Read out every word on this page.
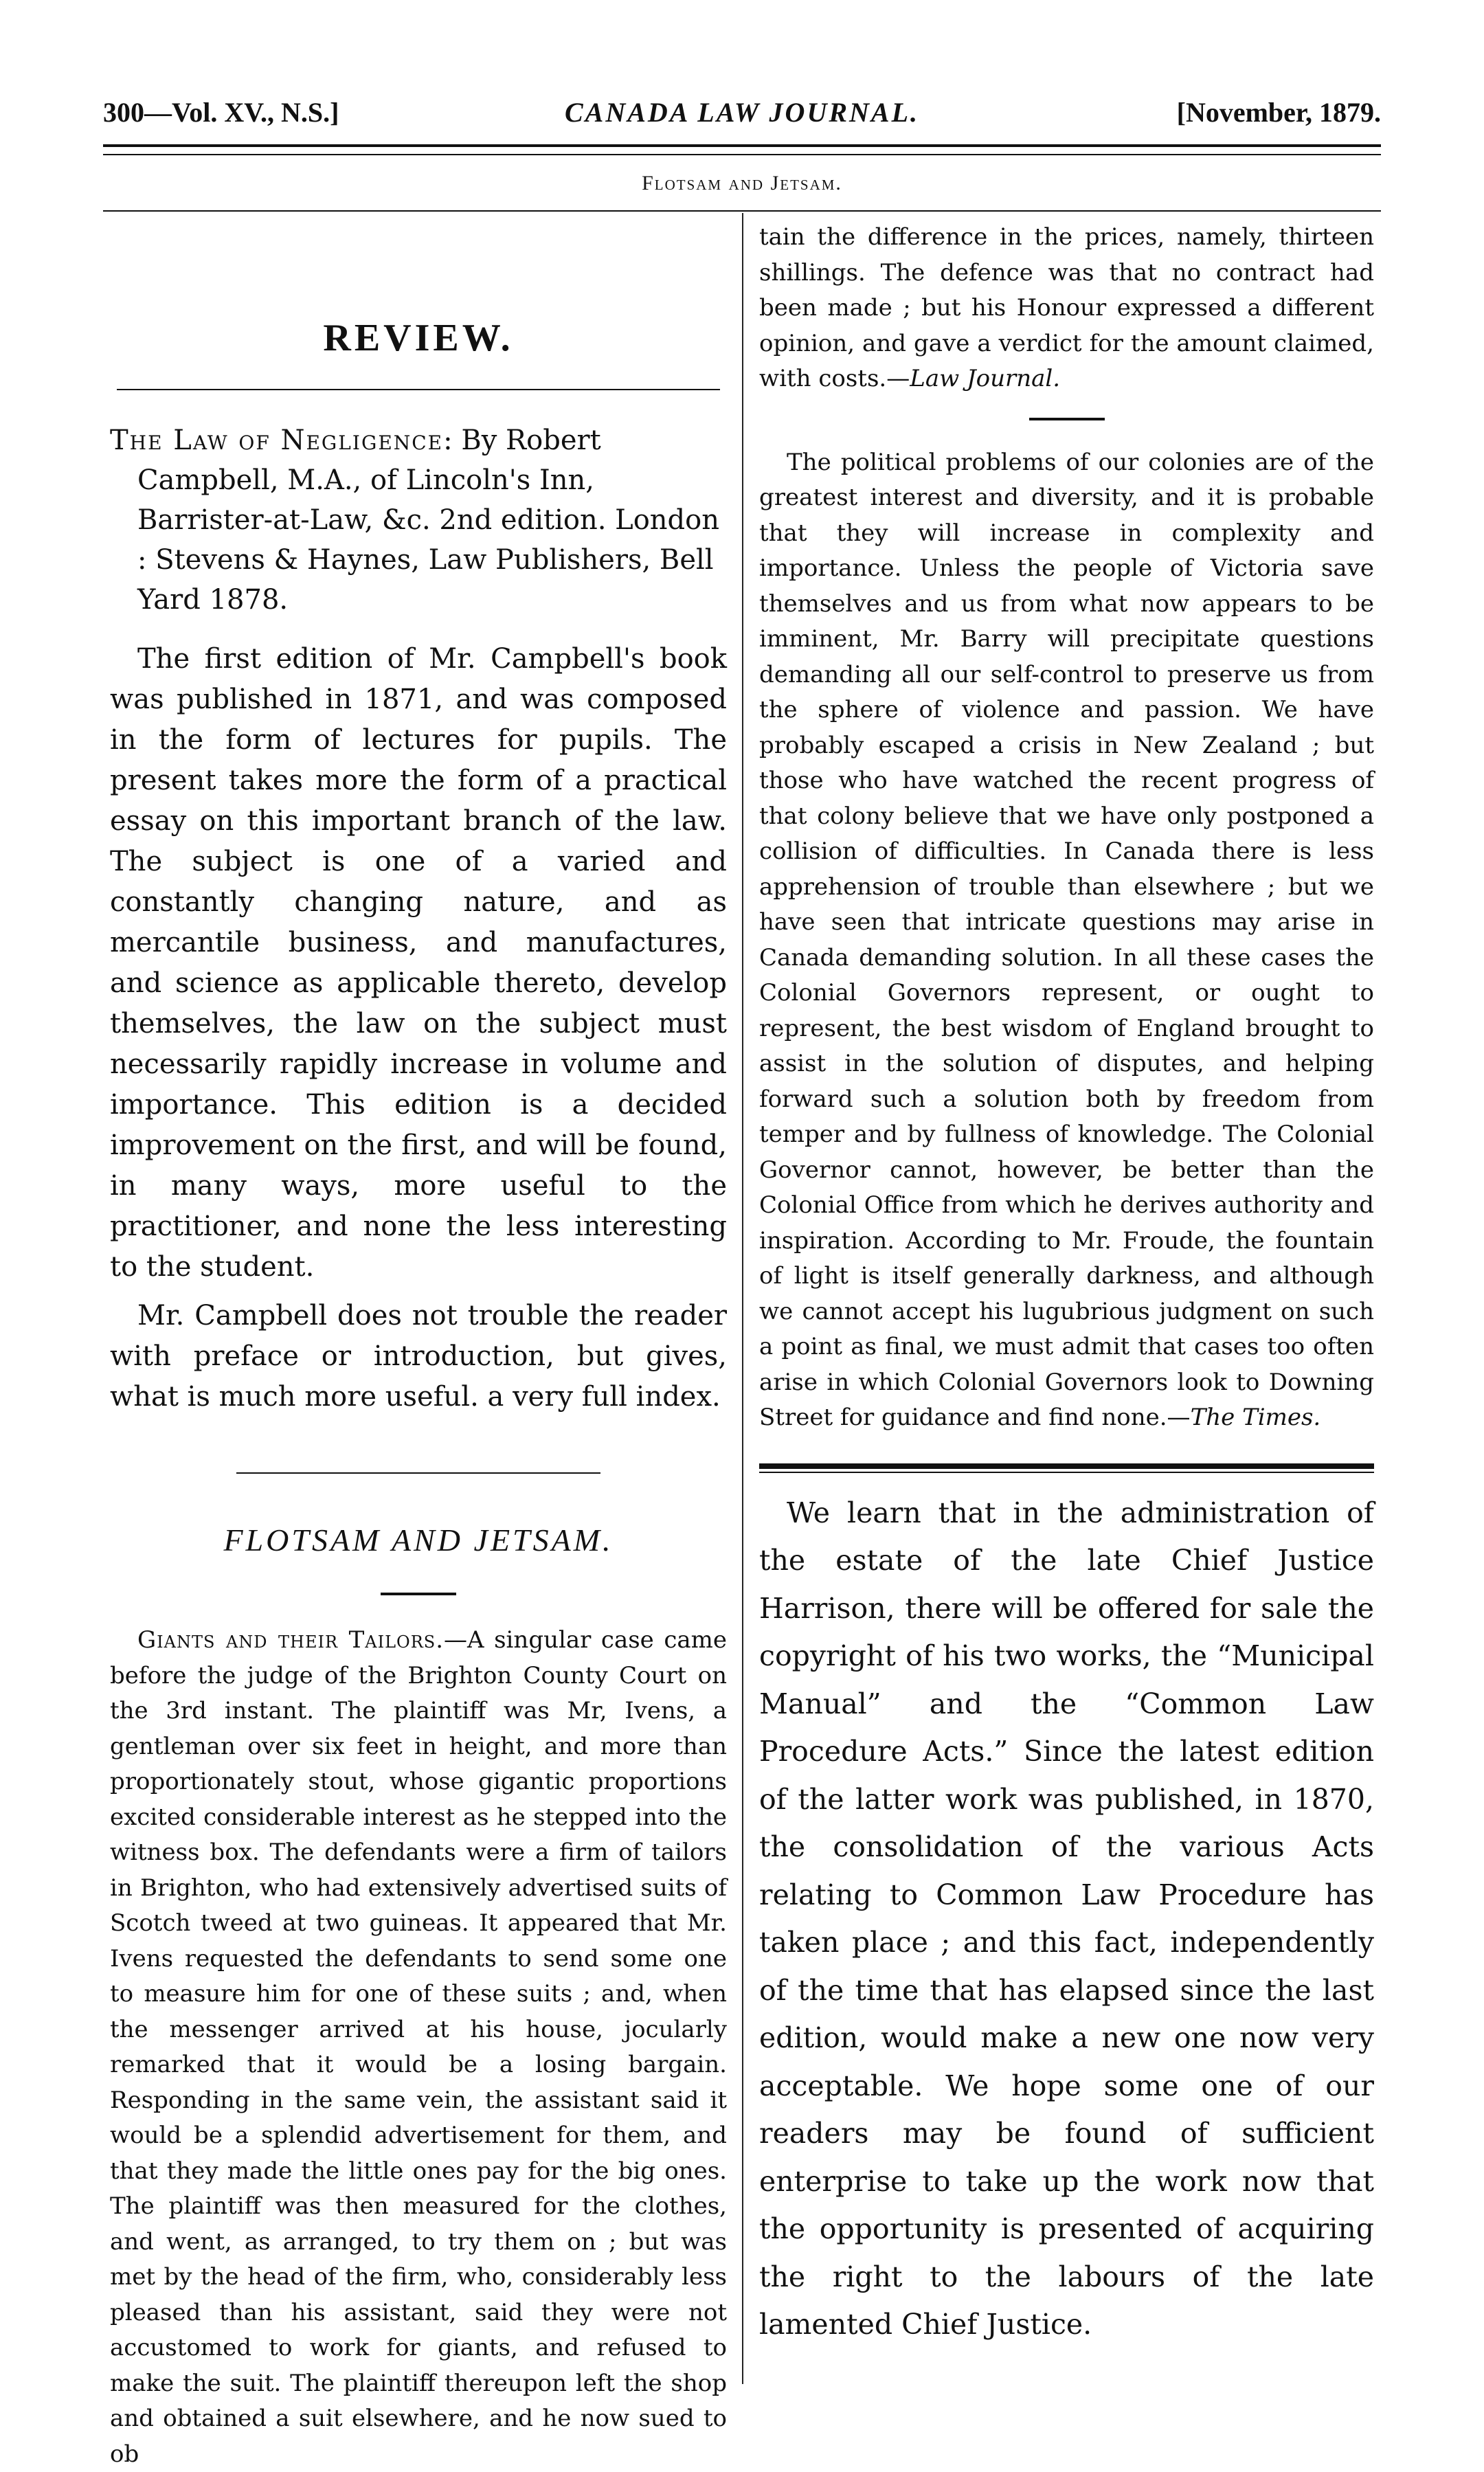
300—Vol. XV., N.S.]	CANADA LAW JOURNAL.	[November, 1879.
Flotsam and Jetsam.
REVIEW.

The Law of Negligence: By Robert Campbell, M.A., of Lincoln's Inn, Barrister-at-Law, &c. 2nd edition. London : Stevens & Haynes, Law Publishers, Bell Yard 1878.

The first edition of Mr. Campbell's book was published in 1871, and was composed in the form of lectures for pupils. The present takes more the form of a practical essay on this important branch of the law. The subject is one of a varied and constantly changing nature, and as mercantile business, and manufactures, and science as applicable thereto, develop themselves, the law on the subject must necessarily rapidly increase in volume and importance. This edition is a decided improvement on the first, and will be found, in many ways, more useful to the practitioner, and none the less interesting to the student.

Mr. Campbell does not trouble the reader with preface or introduction, but gives, what is much more useful. a very full index.

FLOTSAM AND JETSAM.

Giants and their Tailors.—A singular case came before the judge of the Brighton County Court on the 3rd instant. The plaintiff was Mr, Ivens, a gentleman over six feet in height, and more than proportionately stout, whose gigantic proportions excited considerable interest as he stepped into the witness box. The defendants were a firm of tailors in Brighton, who had extensively advertised suits of Scotch tweed at two guineas. It appeared that Mr. Ivens requested the defendants to send some one to measure him for one of these suits ; and, when the messenger arrived at his house, jocularly remarked that it would be a losing bargain. Responding in the same vein, the assistant said it would be a splendid advertisement for them, and that they made the little ones pay for the big ones. The plaintiff was then measured for the clothes, and went, as arranged, to try them on ; but was met by the head of the firm, who, considerably less pleased than his assistant, said they were not accustomed to work for giants, and refused to make the suit. The plaintiff thereupon left the shop and obtained a suit elsewhere, and he now sued to ob

tain the difference in the prices, namely, thirteen shillings. The defence was that no contract had been made ; but his Honour expressed a different opinion, and gave a verdict for the amount claimed, with costs.—Law Journal.

The political problems of our colonies are of the greatest interest and diversity, and it is probable that they will increase in complexity and importance. Unless the people of Victoria save themselves and us from what now appears to be imminent, Mr. Barry will precipitate questions demanding all our self-control to preserve us from the sphere of violence and passion. We have probably escaped a crisis in New Zealand ; but those who have watched the recent progress of that colony believe that we have only postponed a collision of difficulties. In Canada there is less apprehension of trouble than elsewhere ; but we have seen that intricate questions may arise in Canada demanding solution. In all these cases the Colonial Governors represent, or ought to represent, the best wisdom of England brought to assist in the solution of disputes, and helping forward such a solution both by freedom from temper and by fullness of knowledge. The Colonial Governor cannot, however, be better than the Colonial Office from which he derives authority and inspiration. According to Mr. Froude, the fountain of light is itself generally darkness, and although we cannot accept his lugubrious judgment on such a point as final, we must admit that cases too often arise in which Colonial Governors look to Downing Street for guidance and find none.—The Times.

We learn that in the administration of the estate of the late Chief Justice Harrison, there will be offered for sale the copyright of his two works, the “Municipal Manual” and the “Common Law Procedure Acts.” Since the latest edition of the latter work was published, in 1870, the consolidation of the various Acts relating to Common Law Procedure has taken place ; and this fact, independently of the time that has elapsed since the last edition, would make a new one now very acceptable. We hope some one of our readers may be found of sufficient enterprise to take up the work now that the opportunity is presented of acquiring the right to the labours of the late lamented Chief Justice.
